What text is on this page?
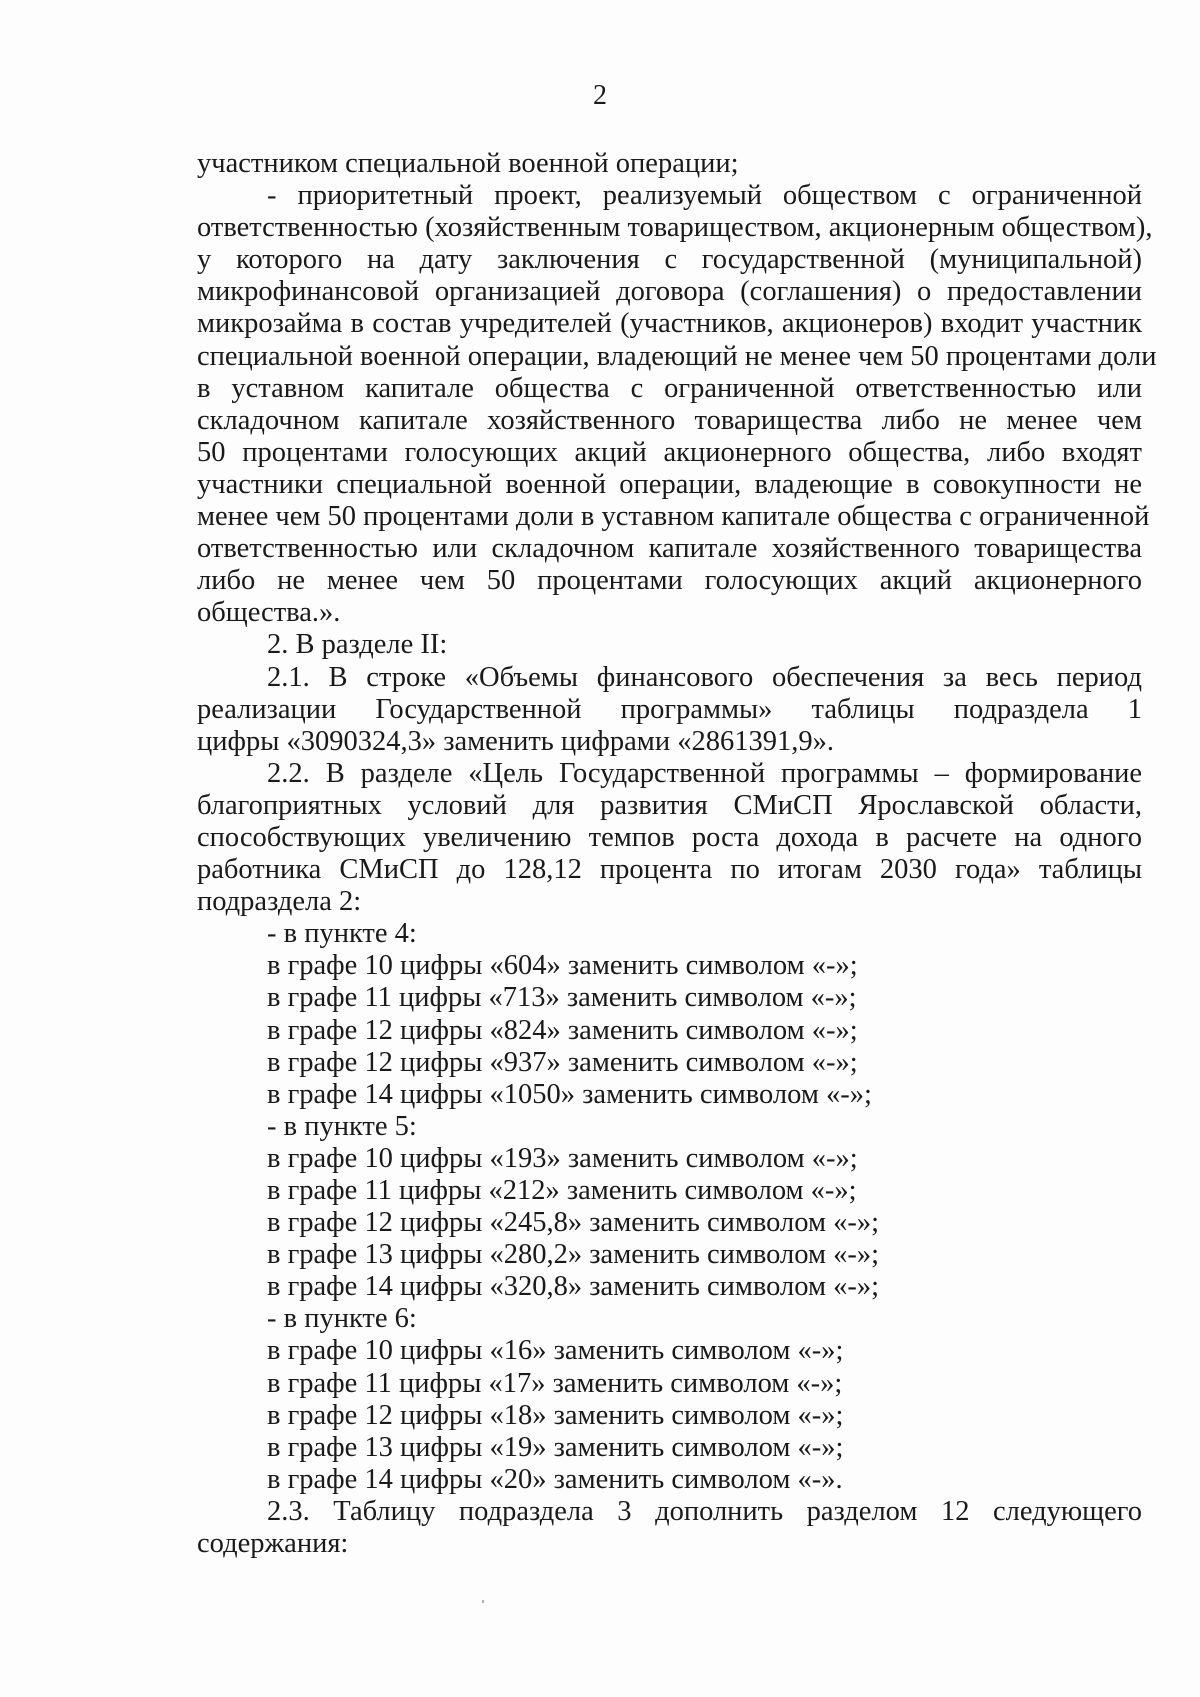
2
участником специальной военной операции;
- приоритетный проект, реализуемый обществом с ограниченной
ответственностью (хозяйственным товариществом, акционерным обществом),
у которого на дату заключения с государственной (муниципальной)
микрофинансовой организацией договора (соглашения) о предоставлении
микрозайма в состав учредителей (участников, акционеров) входит участник
специальной военной операции, владеющий не менее чем 50 процентами доли
в уставном капитале общества с ограниченной ответственностью или
складочном капитале хозяйственного товарищества либо не менее чем
50 процентами голосующих акций акционерного общества, либо входят
участники специальной военной операции, владеющие в совокупности не
менее чем 50 процентами доли в уставном капитале общества с ограниченной
ответственностью или складочном капитале хозяйственного товарищества
либо не менее чем 50 процентами голосующих акций акционерного
общества.».
2. В разделе II:
2.1. В строке «Объемы финансового обеспечения за весь период
реализации Государственной программы» таблицы подраздела 1
цифры «3090324,3» заменить цифрами «2861391,9».
2.2. В разделе «Цель Государственной программы – формирование
благоприятных условий для развития СМиСП Ярославской области,
способствующих увеличению темпов роста дохода в расчете на одного
работника СМиСП до 128,12 процента по итогам 2030 года» таблицы
подраздела 2:
- в пункте 4:
в графе 10 цифры «604» заменить символом «-»;
в графе 11 цифры «713» заменить символом «-»;
в графе 12 цифры «824» заменить символом «-»;
в графе 12 цифры «937» заменить символом «-»;
в графе 14 цифры «1050» заменить символом «-»;
- в пункте 5:
в графе 10 цифры «193» заменить символом «-»;
в графе 11 цифры «212» заменить символом «-»;
в графе 12 цифры «245,8» заменить символом «-»;
в графе 13 цифры «280,2» заменить символом «-»;
в графе 14 цифры «320,8» заменить символом «-»;
- в пункте 6:
в графе 10 цифры «16» заменить символом «-»;
в графе 11 цифры «17» заменить символом «-»;
в графе 12 цифры «18» заменить символом «-»;
в графе 13 цифры «19» заменить символом «-»;
в графе 14 цифры «20» заменить символом «-».
2.3. Таблицу подраздела 3 дополнить разделом 12 следующего
содержания:
